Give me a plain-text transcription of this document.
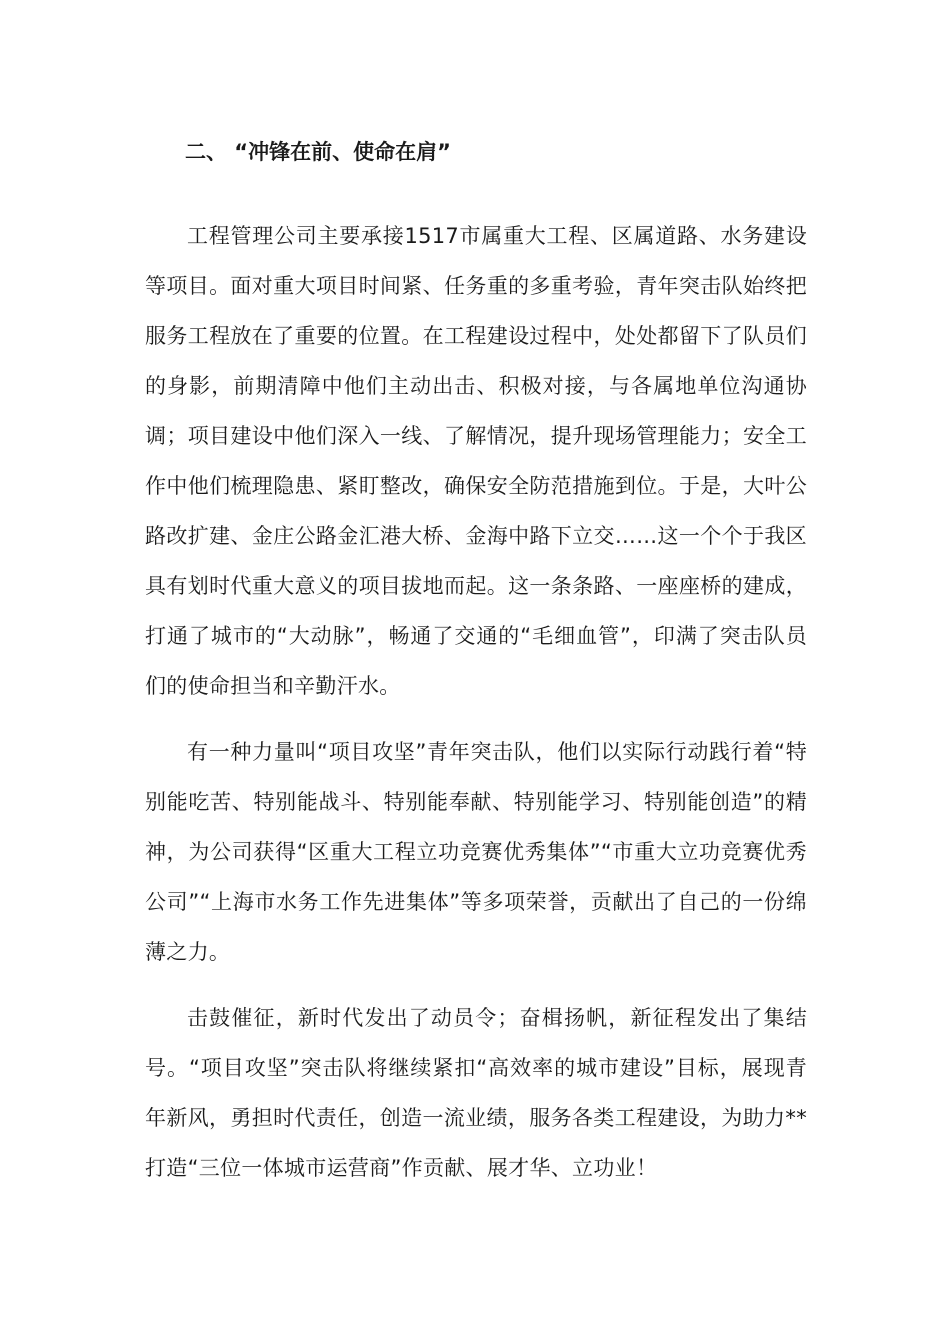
二、 “冲锋在前、使命在肩”

工程管理公司主要承接1517市属重大工程、区属道路、水务建设等项目。面对重大项目时间紧、任务重的多重考验，青年突击队始终把服务工程放在了重要的位置。在工程建设过程中，处处都留下了队员们的身影，前期清障中他们主动出击、积极对接，与各属地单位沟通协调；项目建设中他们深入一线、了解情况，提升现场管理能力；安全工作中他们梳理隐患、紧盯整改，确保安全防范措施到位。于是，大叶公路改扩建、金庄公路金汇港大桥、金海中路下立交……这一个个于我区具有划时代重大意义的项目拔地而起。这一条条路、一座座桥的建成，打通了城市的“大动脉”，畅通了交通的“毛细血管”，印满了突击队员们的使命担当和辛勤汗水。

有一种力量叫“项目攻坚”青年突击队，他们以实际行动践行着“特别能吃苦、特别能战斗、特别能奉献、特别能学习、特别能创造”的精神，为公司获得“区重大工程立功竞赛优秀集体”“市重大立功竞赛优秀公司”“上海市水务工作先进集体”等多项荣誉，贡献出了自己的一份绵薄之力。

击鼓催征，新时代发出了动员令；奋楫扬帆，新征程发出了集结号。“项目攻坚”突击队将继续紧扣“高效率的城市建设”目标，展现青年新风，勇担时代责任，创造一流业绩，服务各类工程建设，为助力**打造“三位一体城市运营商”作贡献、展才华、立功业！
